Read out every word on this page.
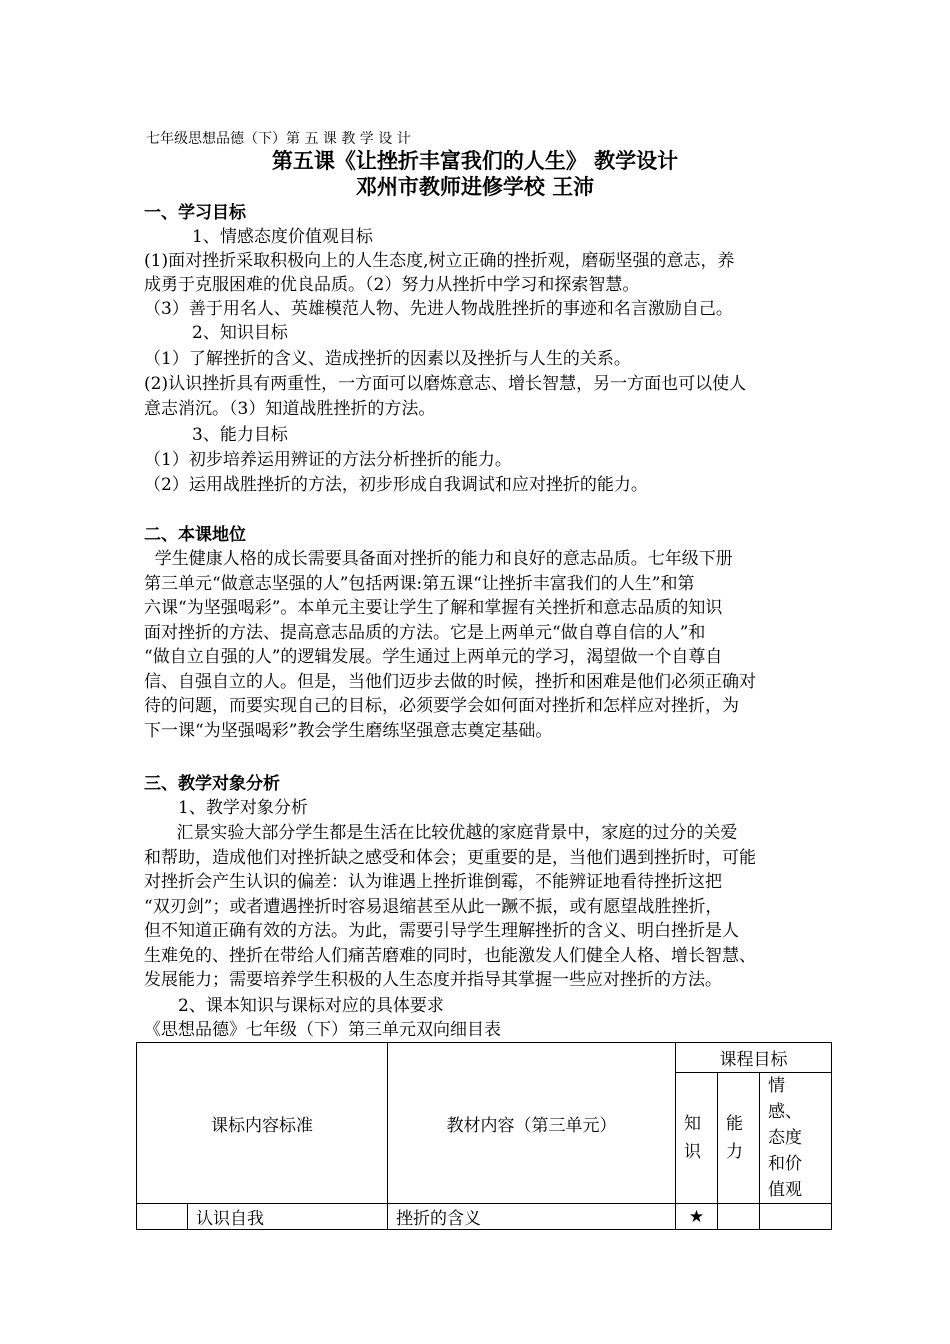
七年级思想品德（下）第 五 课 教 学 设 计
第五课《让挫折丰富我们的人生》 教学设计
邓州市教师进修学校 王沛
一、学习目标
1、情感态度价值观目标
(1)面对挫折采取积极向上的人生态度,树立正确的挫折观，磨砺坚强的意志，养
成勇于克服困难的优良品质。（2）努力从挫折中学习和探索智慧。
（3）善于用名人、英雄模范人物、先进人物战胜挫折的事迹和名言激励自己。
2、知识目标
（1）了解挫折的含义、造成挫折的因素以及挫折与人生的关系。
(2)认识挫折具有两重性，一方面可以磨炼意志、增长智慧，另一方面也可以使人
意志消沉。（3）知道战胜挫折的方法。
3、能力目标
（1）初步培养运用辨证的方法分析挫折的能力。
（2）运用战胜挫折的方法，初步形成自我调试和应对挫折的能力。
二、本课地位

学生健康人格的成长需要具备面对挫折的能力和良好的意志品质。七年级下册

第三单元“做意志坚强的人”包括两课:第五课“让挫折丰富我们的人生”和第

六课“为坚强喝彩”。本单元主要让学生了解和掌握有关挫折和意志品质的知识

面对挫折的方法、提高意志品质的方法。它是上两单元“做自尊自信的人”和

“做自立自强的人”的逻辑发展。学生通过上两单元的学习，渴望做一个自尊自

信、自强自立的人。但是，当他们迈步去做的时候，挫折和困难是他们必须正确对

待的问题，而要实现自己的目标，必须要学会如何面对挫折和怎样应对挫折，为

下一课“为坚强喝彩”教会学生磨练坚强意志奠定基础。

三、教学对象分析
1、教学对象分析

汇景实验大部分学生都是生活在比较优越的家庭背景中，家庭的过分的关爱

和帮助，造成他们对挫折缺之感受和体会；更重要的是，当他们遇到挫折时，可能

对挫折会产生认识的偏差：认为谁遇上挫折谁倒霉，不能辨证地看待挫折这把

“双刃剑”；或者遭遇挫折时容易退缩甚至从此一蹶不振，或有愿望战胜挫折，

但不知道正确有效的方法。为此，需要引导学生理解挫折的含义、明白挫折是人

生难免的、挫折在带给人们痛苦磨难的同时，也能激发人们健全人格、增长智慧、

发展能力；需要培养学生积极的人生态度并指导其掌握一些应对挫折的方法。

2、课本知识与课标对应的具体要求
《思想品德》七年级（下）第三单元双向细目表
课标内容标准		教材内容（第三单元）	课程目标		

			知识	能力	情感、态度和价值观

	认识自我	挫折的含义	★		
